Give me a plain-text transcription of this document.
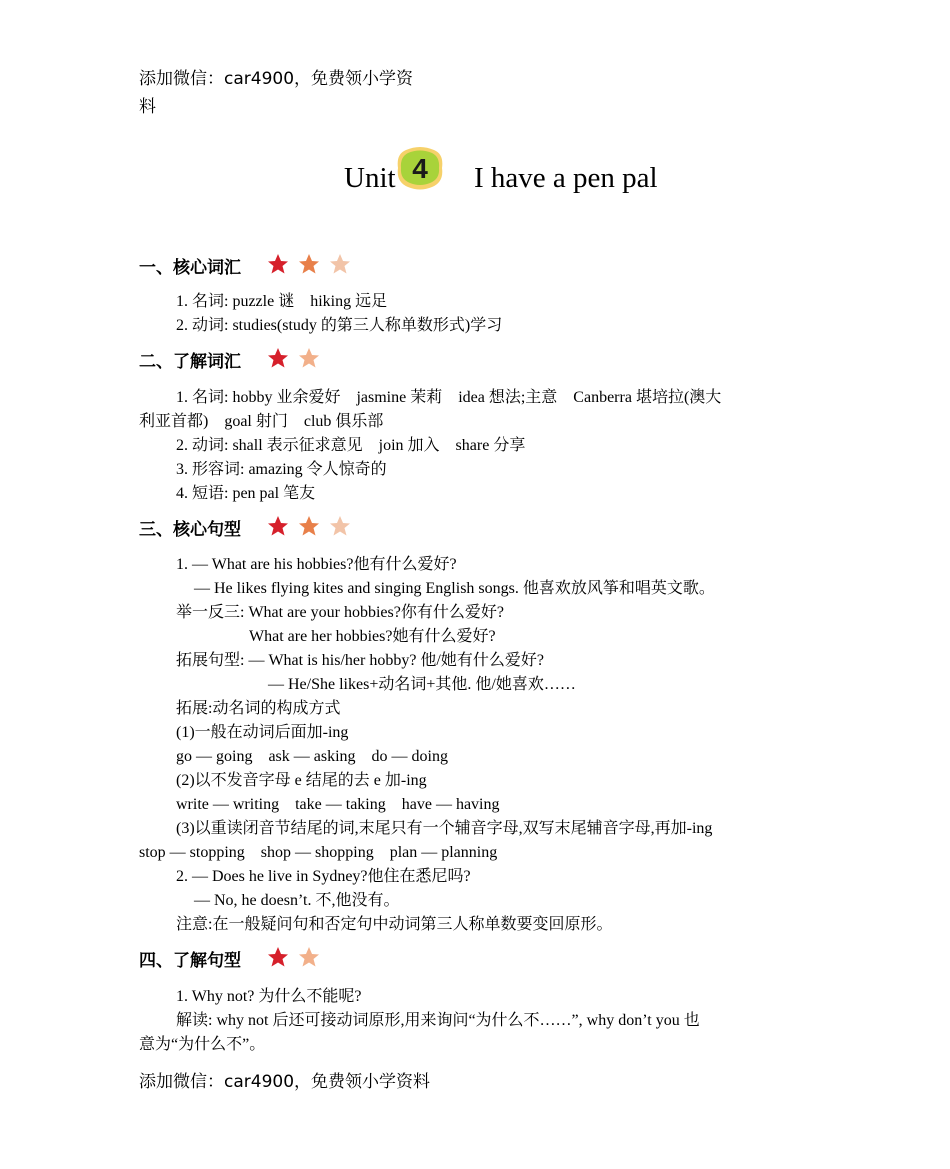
添加微信：car4900，免费领小学资
料
Unit 4 I have a pen pal
一、核心词汇

1. 名词: puzzle 谜　hiking 远足
2. 动词: studies(study 的第三人称单数形式)学习
二、了解词汇

1. 名词: hobby 业余爱好　jasmine 茉莉　idea 想法;主意　Canberra 堪培拉(澳大
利亚首都)　goal 射门　club 俱乐部
2. 动词: shall 表示征求意见　join 加入　share 分享
3. 形容词: amazing 令人惊奇的
4. 短语: pen pal 笔友
三、核心句型

1. — What are his hobbies?他有什么爱好?
— He likes flying kites and singing English songs. 他喜欢放风筝和唱英文歌。
举一反三: What are your hobbies?你有什么爱好?
What are her hobbies?她有什么爱好?
拓展句型: — What is his/her hobby? 他/她有什么爱好?
— He/She likes+动名词+其他. 他/她喜欢……
拓展:动名词的构成方式
(1)一般在动词后面加-ing
go — going　ask — asking　do — doing
(2)以不发音字母 e 结尾的去 e 加-ing
write — writing　take — taking　have — having
(3)以重读闭音节结尾的词,末尾只有一个辅音字母,双写末尾辅音字母,再加-ing
stop — stopping　shop — shopping　plan — planning
2. — Does he live in Sydney?他住在悉尼吗?
— No, he doesn’t. 不,他没有。
注意:在一般疑问句和否定句中动词第三人称单数要变回原形。
四、了解句型

1. Why not? 为什么不能呢?
解读: why not 后还可接动词原形,用来询问“为什么不……”, why don’t you 也
意为“为什么不”。
添加微信：car4900，免费领小学资料
